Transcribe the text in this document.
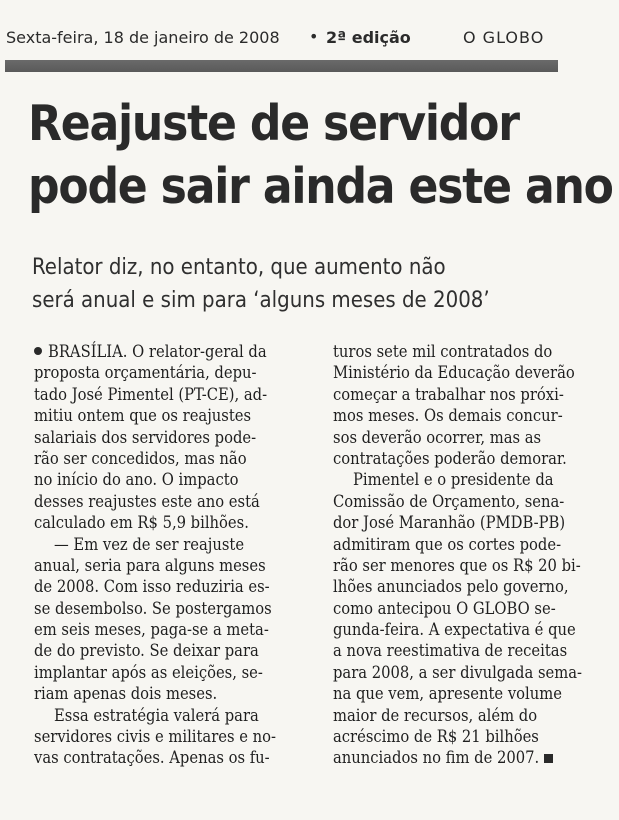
Sexta-feira, 18 de janeiro de 2008 • 2ª edição	O GLOBO
Reajuste de servidor
pode sair ainda este ano
Relator diz, no entanto, que aumento não
será anual e sim para ‘alguns meses de 2008’
BRASÍLIA. O relator-geral da
proposta orçamentária, depu-
tado José Pimentel (PT-CE), ad-
mitiu ontem que os reajustes
salariais dos servidores pode-
rão ser concedidos, mas não
no início do ano. O impacto
desses reajustes este ano está
calculado em R$ 5,9 bilhões.
— Em vez de ser reajuste
anual, seria para alguns meses
de 2008. Com isso reduziria es-
se desembolso. Se postergamos
em seis meses, paga-se a meta-
de do previsto. Se deixar para
implantar após as eleições, se-
riam apenas dois meses.
Essa estratégia valerá para
servidores civis e militares e no-
vas contratações. Apenas os fu-
turos sete mil contratados do
Ministério da Educação deverão
começar a trabalhar nos próxi-
mos meses. Os demais concur-
sos deverão ocorrer, mas as
contratações poderão demorar.
Pimentel e o presidente da
Comissão de Orçamento, sena-
dor José Maranhão (PMDB-PB)
admitiram que os cortes pode-
rão ser menores que os R$ 20 bi-
lhões anunciados pelo governo,
como antecipou O GLOBO se-
gunda-feira. A expectativa é que
a nova reestimativa de receitas
para 2008, a ser divulgada sema-
na que vem, apresente volume
maior de recursos, além do
acréscimo de R$ 21 bilhões
anunciados no fim de 2007.
